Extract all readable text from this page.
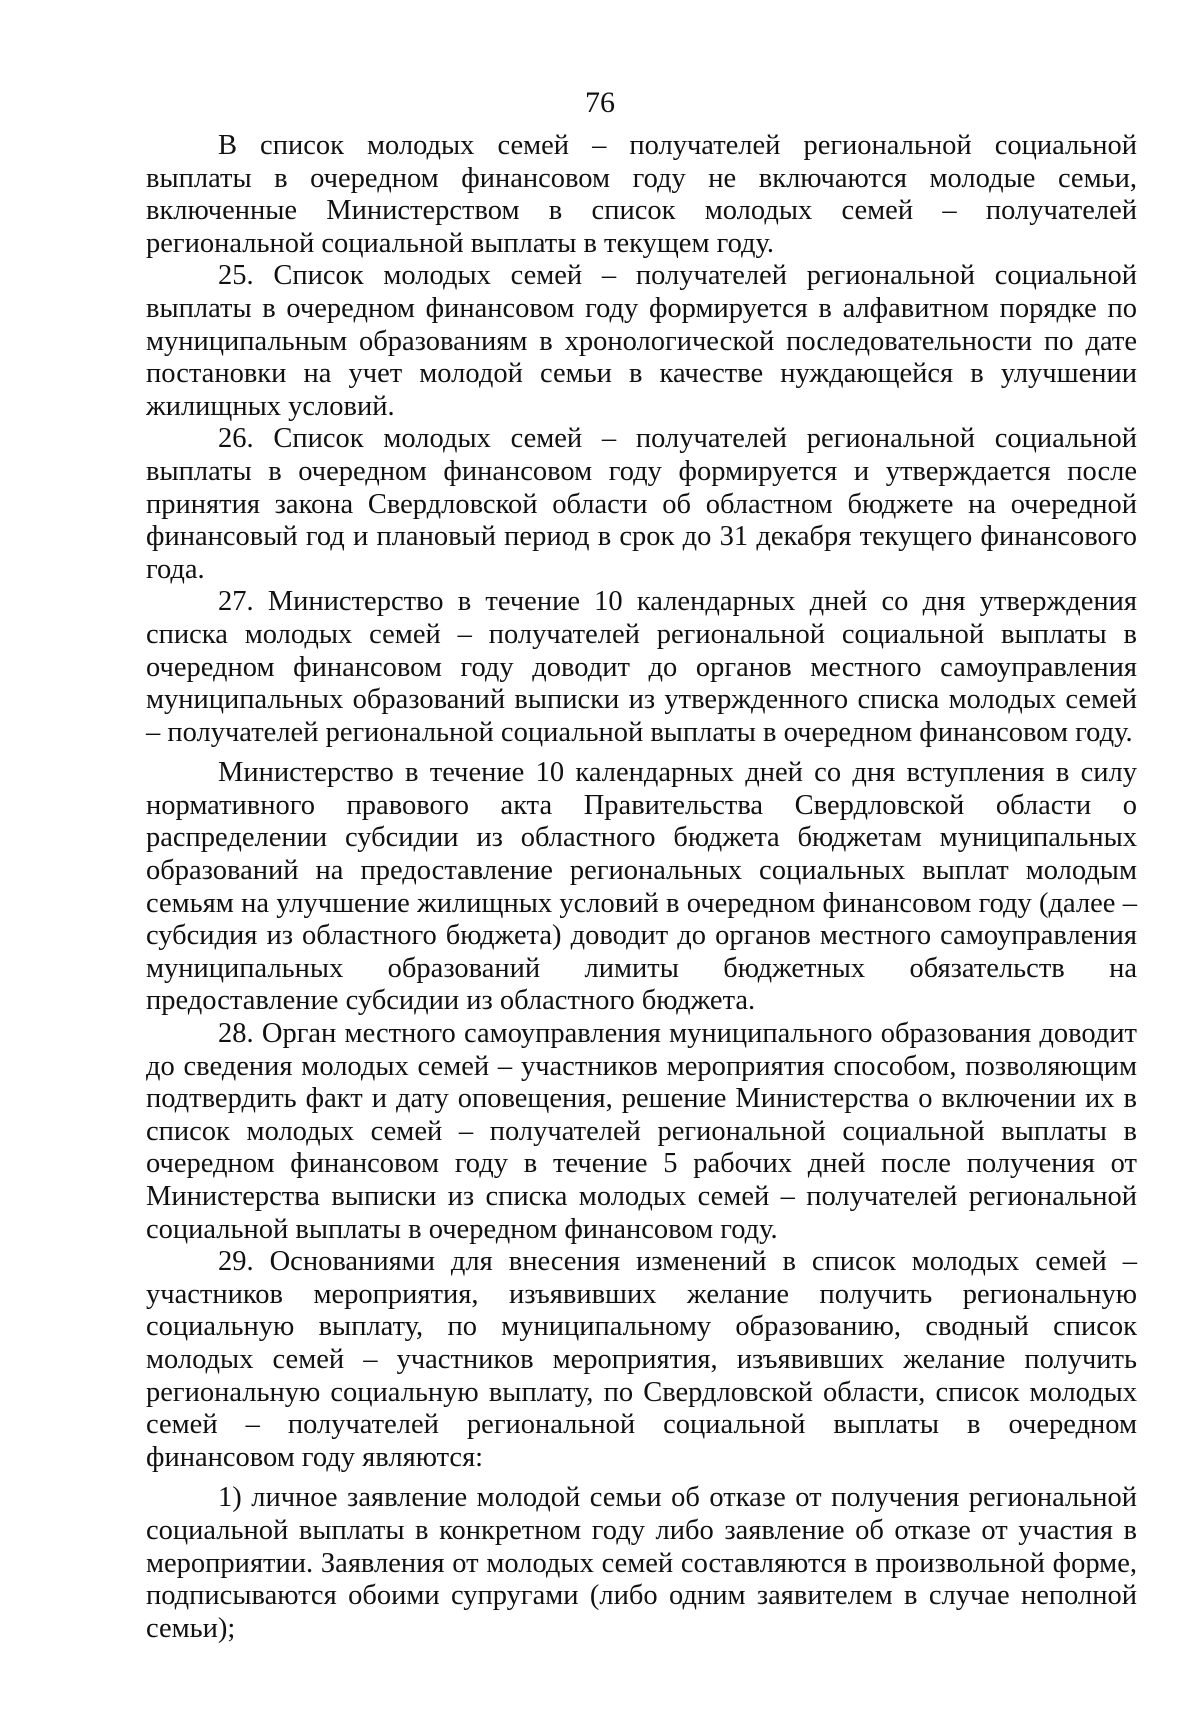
76

В список молодых семей – получателей региональной социальной выплаты в очередном финансовом году не включаются молодые семьи, включенные Министерством в список молодых семей – получателей региональной социальной выплаты в текущем году.

25. Список молодых семей – получателей региональной социальной выплаты в очередном финансовом году формируется в алфавитном порядке по муниципальным образованиям в хронологической последовательности по дате постановки на учет молодой семьи в качестве нуждающейся в улучшении жилищных условий.

26. Список молодых семей – получателей региональной социальной выплаты в очередном финансовом году формируется и утверждается после принятия закона Свердловской области об областном бюджете на очередной финансовый год и плановый период в срок до 31 декабря текущего финансового года.

27. Министерство в течение 10 календарных дней со дня утверждения списка молодых семей – получателей региональной социальной выплаты в очередном финансовом году доводит до органов местного самоуправления муниципальных образований выписки из утвержденного списка молодых семей – получателей региональной социальной выплаты в очередном финансовом году.

Министерство в течение 10 календарных дней со дня вступления в силу нормативного правового акта Правительства Свердловской области о распределении субсидии из областного бюджета бюджетам муниципальных образований на предоставление региональных социальных выплат молодым семьям на улучшение жилищных условий в очередном финансовом году (далее – субсидия из областного бюджета) доводит до органов местного самоуправления муниципальных образований лимиты бюджетных обязательств на предоставление субсидии из областного бюджета.

28. Орган местного самоуправления муниципального образования доводит до сведения молодых семей – участников мероприятия способом, позволяющим подтвердить факт и дату оповещения, решение Министерства о включении их в список молодых семей – получателей региональной социальной выплаты в очередном финансовом году в течение 5 рабочих дней после получения от Министерства выписки из списка молодых семей – получателей региональной социальной выплаты в очередном финансовом году.

29. Основаниями для внесения изменений в список молодых семей – участников мероприятия, изъявивших желание получить региональную социальную выплату, по муниципальному образованию, сводный список молодых семей – участников мероприятия, изъявивших желание получить региональную социальную выплату, по Свердловской области, список молодых семей – получателей региональной социальной выплаты в очередном финансовом году являются:

1) личное заявление молодой семьи об отказе от получения региональной социальной выплаты в конкретном году либо заявление об отказе от участия в мероприятии. Заявления от молодых семей составляются в произвольной форме, подписываются обоими супругами (либо одним заявителем в случае неполной семьи);
